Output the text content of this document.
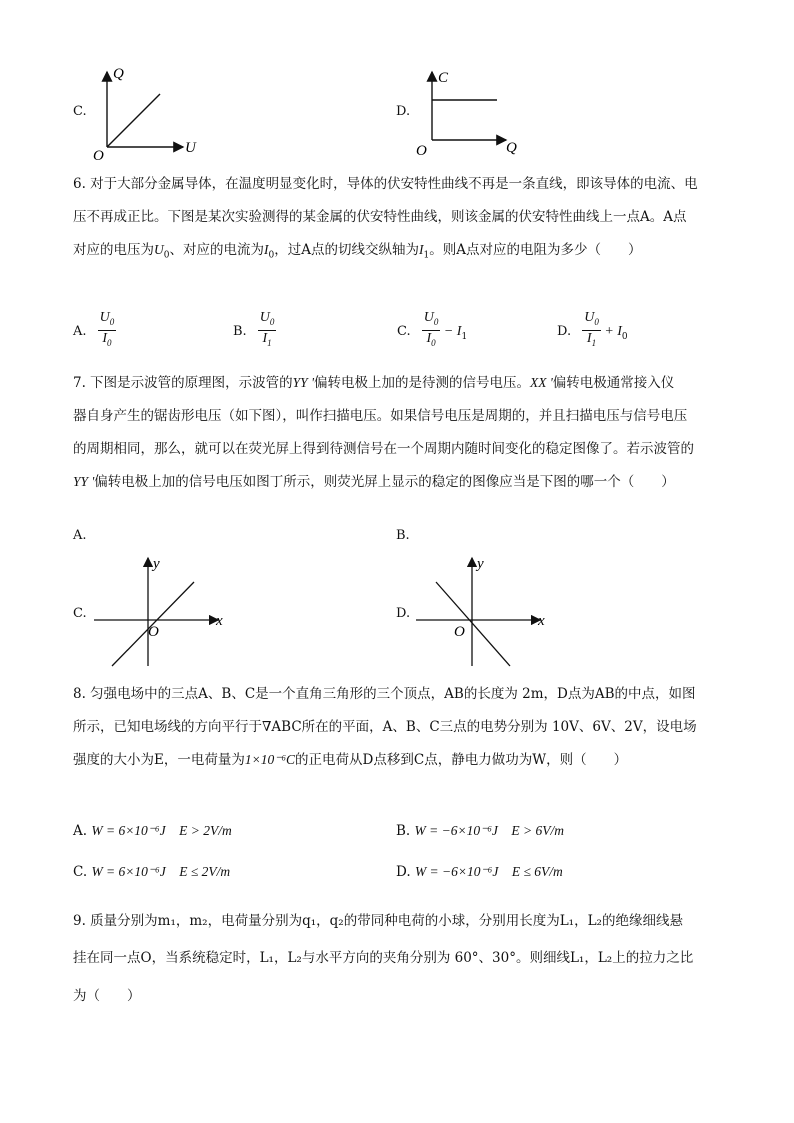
C.
Q
U
O
D.
C
Q
O
6. 对于大部分金属导体，在温度明显变化时，导体的伏安特性曲线不再是一条直线，即该导体的电流、电
压不再成正比。下图是某次实验测得的某金属的伏安特性曲线，则该金属的伏安特性曲线上一点A。A点
对应的电压为$U_0$、对应的电流为$I_0$，过A点的切线交纵轴为$I_1$。则A点对应的电阻为多少（　　）
A. $\frac{U_0}{I_0}$	B. $\frac{U_0}{I_1}$	C. $\frac{U_0}{I_0} - I_1$	D. $\frac{U_0}{I_1} + I_0$
7. 下图是示波管的原理图，示波管的YY '偏转电极上加的是待测的信号电压。XX '偏转电极通常接入仪
器自身产生的锯齿形电压（如下图），叫作扫描电压。如果信号电压是周期的，并且扫描电压与信号电压
的周期相同，那么，就可以在荧光屏上得到待测信号在一个周期内随时间变化的稳定图像了。若示波管的
YY '偏转电极上加的信号电压如图丁所示，则荧光屏上显示的稳定的图像应当是下图的哪一个（　　）
A.	B.
C.
y
x
O
D.
y
x
O
8. 匀强电场中的三点A、B、C是一个直角三角形的三个顶点，AB的长度为 2m，D点为AB的中点，如图
所示，已知电场线的方向平行于∇ABC所在的平面，A、B、C三点的电势分别为 10V、6V、2V，设电场
强度的大小为E，一电荷量为1×10⁻⁶C的正电荷从D点移到C点，静电力做功为W，则（　　）
A. W = 6×10⁻⁶J　E > 2V/m	B. W = −6×10⁻⁶J　E > 6V/m
C. W = 6×10⁻⁶J　E ≤ 2V/m	D. W = −6×10⁻⁶J　E ≤ 6V/m
9. 质量分别为m₁，m₂，电荷量分别为q₁，q₂的带同种电荷的小球，分别用长度为L₁，L₂的绝缘细线悬
挂在同一点O，当系统稳定时，L₁，L₂与水平方向的夹角分别为 60°、30°。则细线L₁，L₂上的拉力之比
为（　　）
